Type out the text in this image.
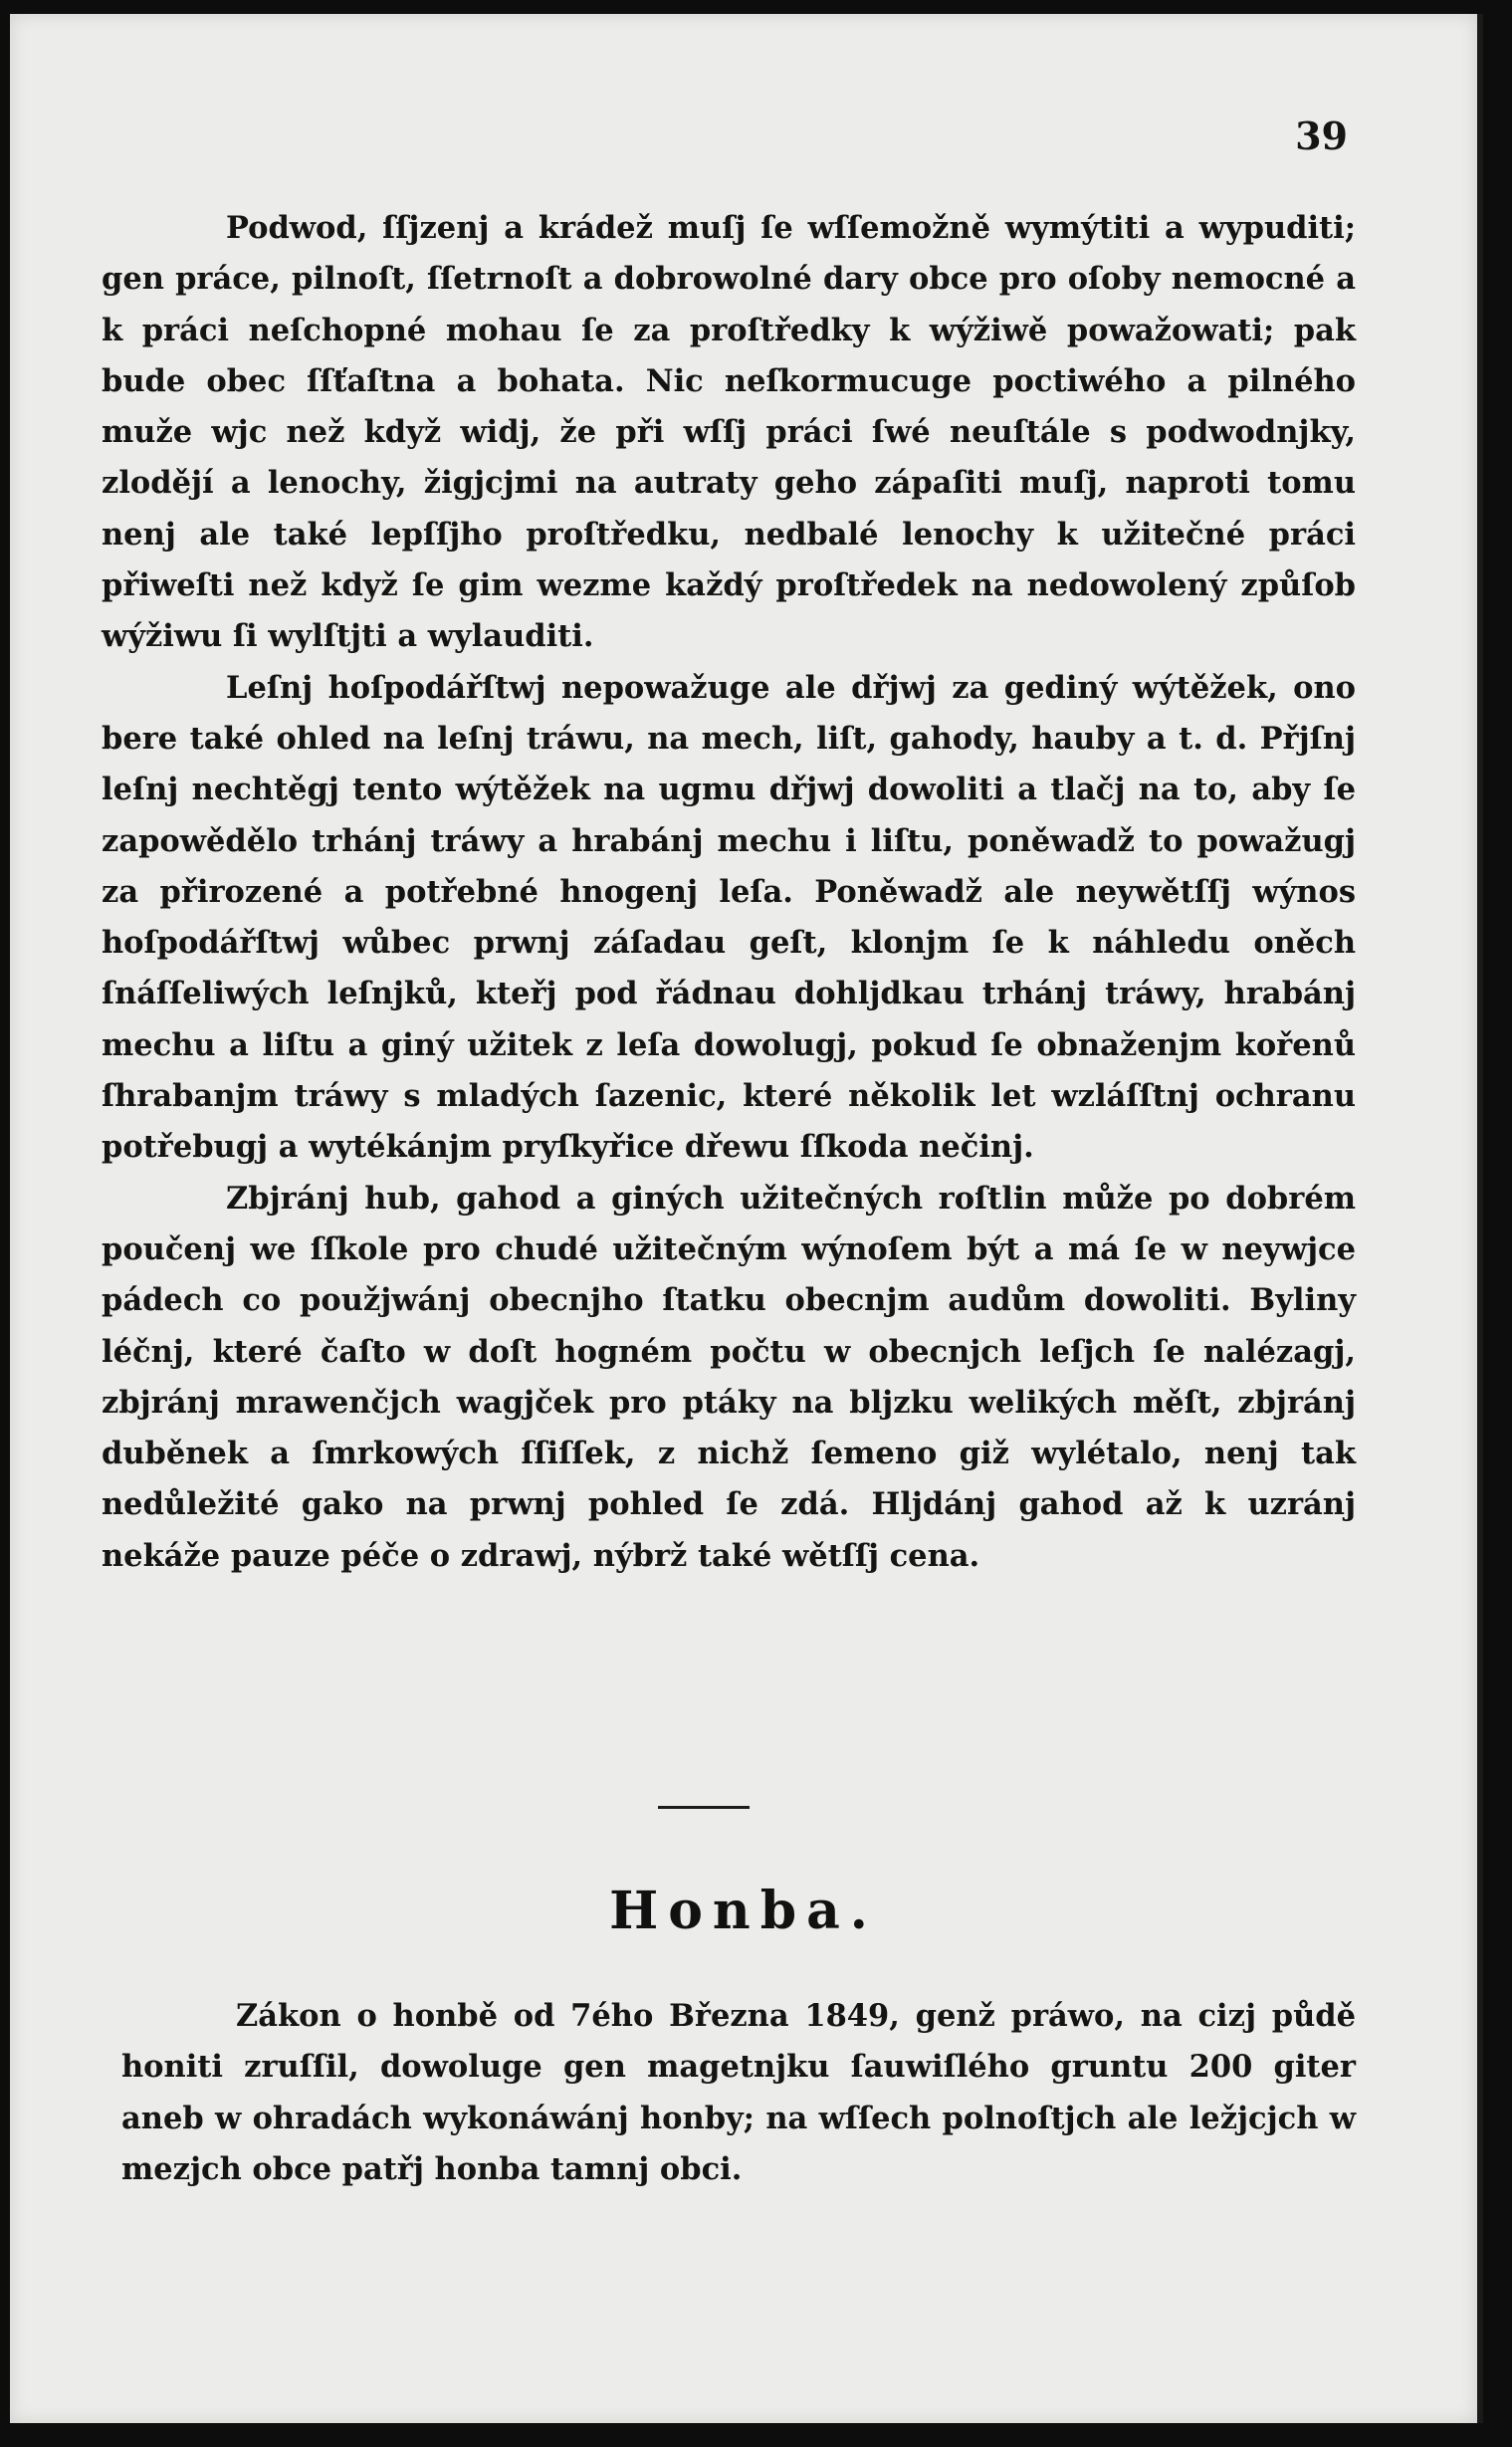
39

Podwod, ſſjzenj a krádež muſj ſe wſſemožně wymýtiti a wypuditi; gen práce, pilnoſt, ſſetrnoſt a dobrowolné dary obce pro oſoby nemocné a k práci neſchopné mohau ſe za proſtředky k wýžiwě powažowati; pak bude obec ſſťaſtna a bohata. Nic neſkormucuge poctiwého a pilného muže wjc než když widj, že při wſſj práci ſwé neuſtále s podwodnjky, zlodějí a lenochy, žigjcjmi na autraty geho zápaſiti muſj, naproti tomu nenj ale také lepſſjho proſtředku, nedbalé lenochy k užitečné práci přiweſti než když ſe gim wezme každý proſtředek na nedowolený způſob wýžiwu ſi wylſtjti a wylauditi.

Leſnj hoſpodářſtwj nepowažuge ale dřjwj za gediný wýtěžek, ono bere také ohled na leſnj tráwu, na mech, liſt, gahody, hauby a t. d. Přjſnj leſnj nechtěgj tento wýtěžek na ugmu dřjwj dowoliti a tlačj na to, aby ſe zapowědělo trhánj tráwy a hrabánj mechu i liſtu, poněwadž to powažugj za přirozené a potřebné hnogenj leſa. Poněwadž ale neywětſſj wýnos hoſpodářſtwj wůbec prwnj záſadau geſt, klonjm ſe k náhledu oněch ſnáſſeliwých leſnjků, kteřj pod řádnau dohljdkau trhánj tráwy, hrabánj mechu a liſtu a giný užitek z leſa dowolugj, pokud ſe obnaženjm kořenů ſhrabanjm tráwy s mladých ſazenic, které několik let wzláſſtnj ochranu potřebugj a wytékánjm pryſkyřice dřewu ſſkoda nečinj.

Zbjránj hub, gahod a giných užitečných roſtlin může po dobrém poučenj we ſſkole pro chudé užitečným wýnoſem být a má ſe w neywjce pádech co použjwánj obecnjho ſtatku obecnjm audům dowoliti. Byliny léčnj, které čaſto w doſt hogném počtu w obecnjch leſjch ſe nalézagj, zbjránj mrawenčjch wagjček pro ptáky na bljzku welikých měſt, zbjránj duběnek a ſmrkowých ſſiſſek, z nichž ſemeno giž wylétalo, nenj tak nedůležité gako na prwnj pohled ſe zdá. Hljdánj gahod až k uzránj nekáže pauze péče o zdrawj, nýbrž také wětſſj cena.

Honba.

Zákon o honbě od 7ého Března 1849, genž práwo, na cizj půdě honiti zruſſil, dowoluge gen magetnjku ſauwiſlého gruntu 200 giter aneb w ohradách wykonáwánj honby; na wſſech polnoſtjch ale ležjcjch w mezjch obce patřj honba tamnj obci.
